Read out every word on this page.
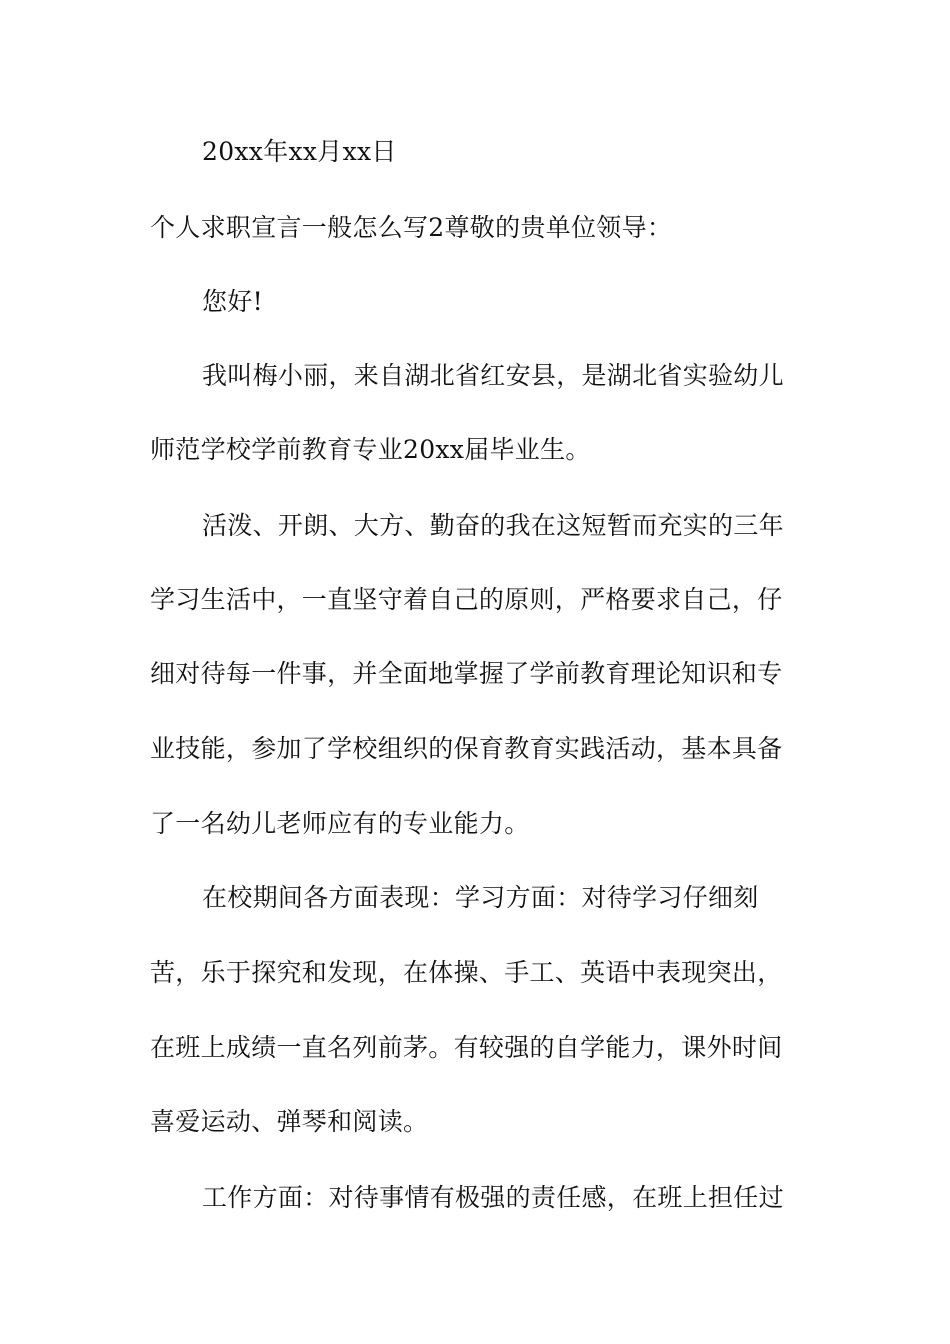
20xx年xx月xx日
个人求职宣言一般怎么写2尊敬的贵单位领导：
您好!
我叫梅小丽，来自湖北省红安县，是湖北省实验幼儿
师范学校学前教育专业20xx届毕业生。
活泼、开朗、大方、勤奋的我在这短暂而充实的三年
学习生活中，一直坚守着自己的原则，严格要求自己，仔
细对待每一件事，并全面地掌握了学前教育理论知识和专
业技能，参加了学校组织的保育教育实践活动，基本具备
了一名幼儿老师应有的专业能力。
在校期间各方面表现：学习方面：对待学习仔细刻
苦，乐于探究和发现，在体操、手工、英语中表现突出，
在班上成绩一直名列前茅。有较强的自学能力，课外时间
喜爱运动、弹琴和阅读。
工作方面：对待事情有极强的责任感，在班上担任过
